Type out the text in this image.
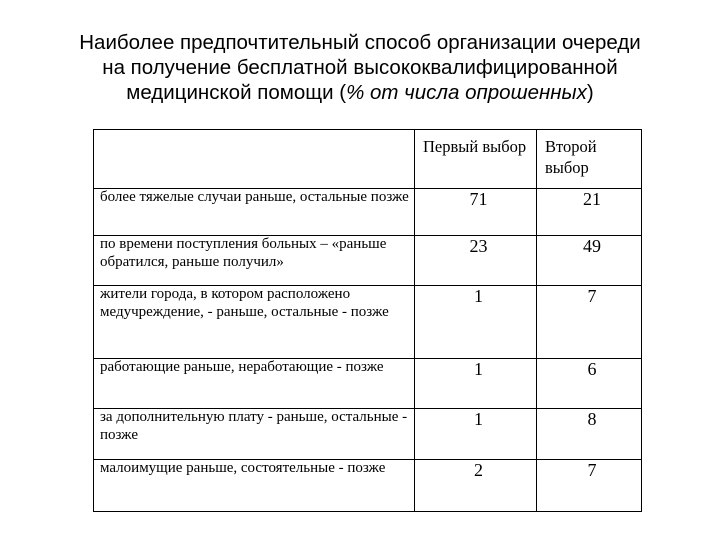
Наиболее предпочтительный способ организации очереди
на получение бесплатной высококвалифицированной
медицинской помощи (% от числа опрошенных)
	Первый выбор	Второй выбор
более тяжелые случаи раньше, остальные позже	71	21
по времени поступления больных – «раньше обратился, раньше получил»	23	49
жители города, в котором расположено медучреждение, - раньше, остальные - позже	1	7
работающие раньше, неработающие - позже	1	6
за дополнительную плату - раньше, остальные - позже	1	8
малоимущие раньше, состоятельные - позже	2	7
